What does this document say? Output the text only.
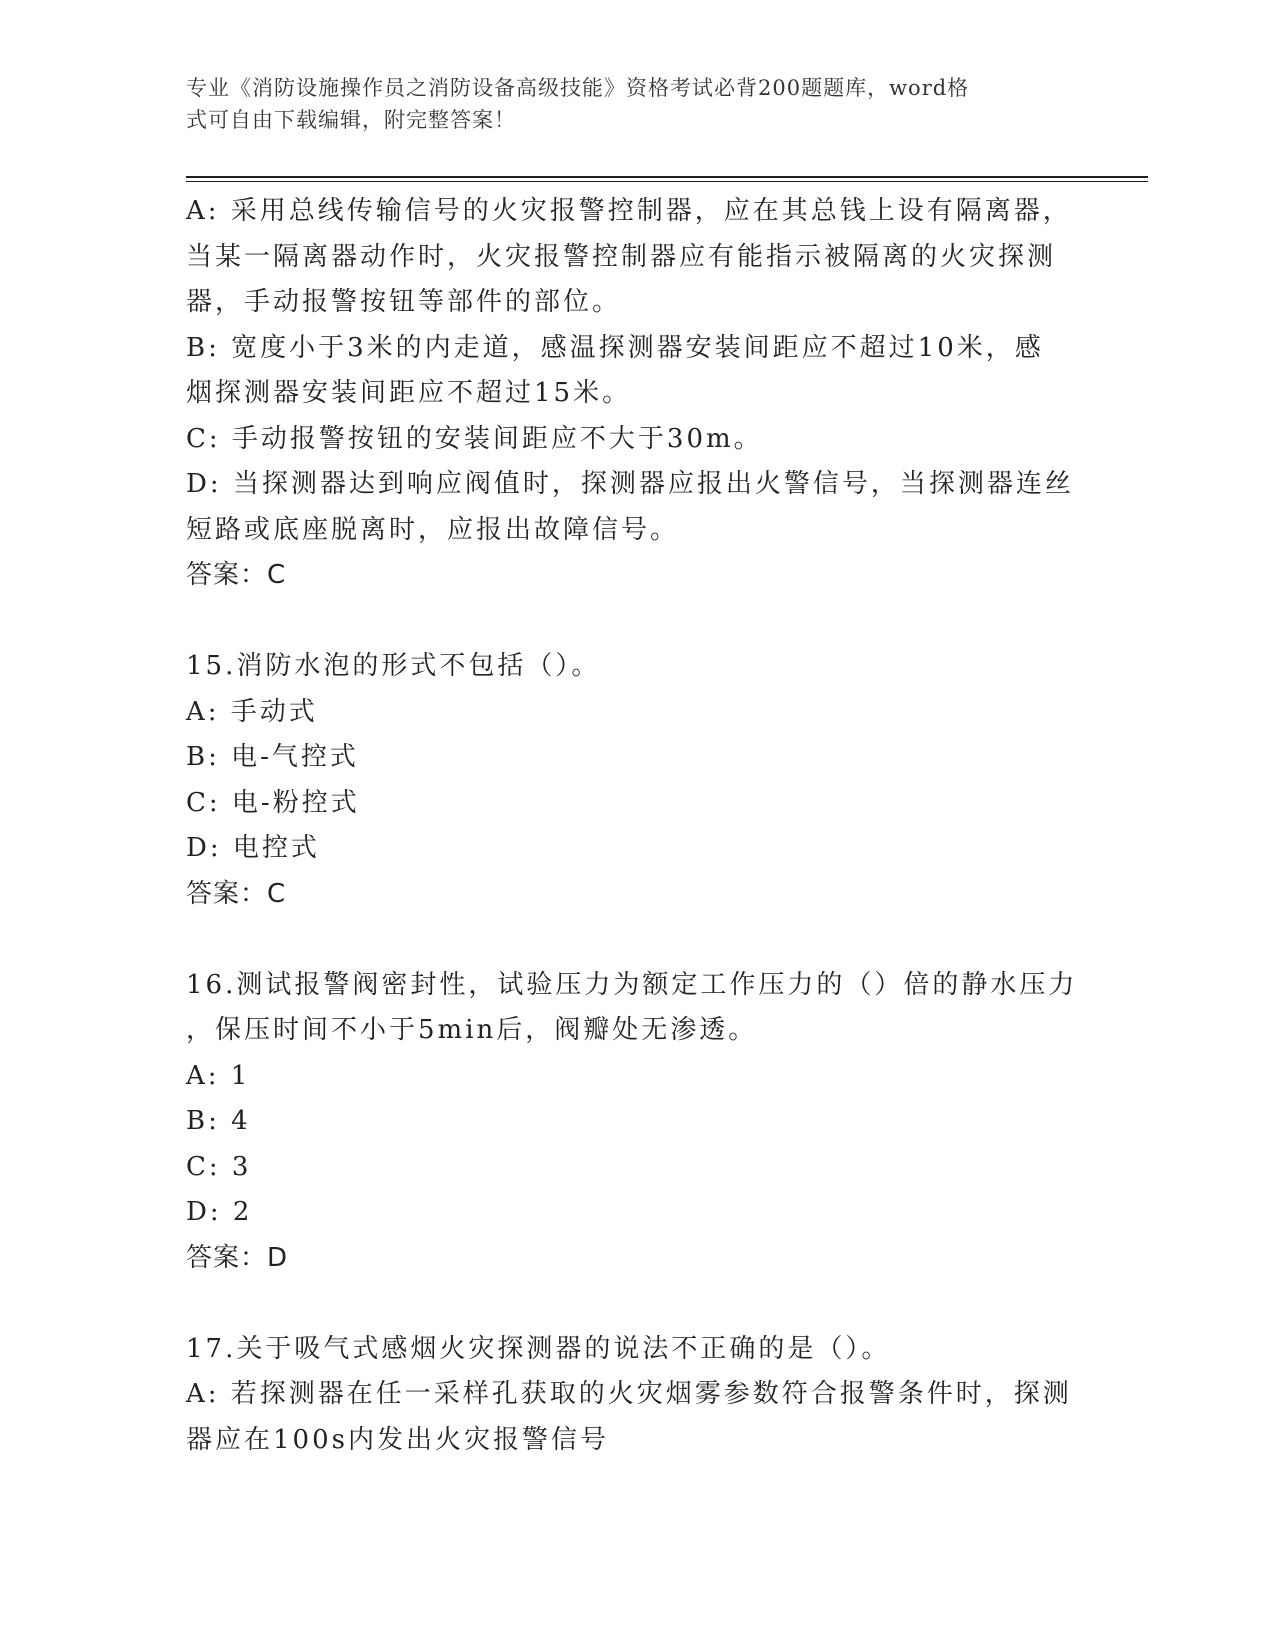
专业《消防设施操作员之消防设备高级技能》资格考试必背200题题库，word格
式可自由下载编辑，附完整答案！
A: 采用总线传输信号的火灾报警控制器，应在其总钱上设有隔离器，
当某一隔离器动作时，火灾报警控制器应有能指示被隔离的火灾探测
器，手动报警按钮等部件的部位。
B: 宽度小于3米的内走道，感温探测器安装间距应不超过10米，感
烟探测器安装间距应不超过15米。
C: 手动报警按钮的安装间距应不大于30m。
D: 当探测器达到响应阀值时，探测器应报出火警信号，当探测器连丝
短路或底座脱离时，应报出故障信号。
答案：C
15.消防水泡的形式不包括（）。
A: 手动式
B: 电-气控式
C: 电-粉控式
D: 电控式
答案：C
16.测试报警阀密封性，试验压力为额定工作压力的（）倍的静水压力
，保压时间不小于5min后，阀瓣处无渗透。
A: 1
B: 4
C: 3
D: 2
答案：D
17.关于吸气式感烟火灾探测器的说法不正确的是（）。
A: 若探测器在任一采样孔获取的火灾烟雾参数符合报警条件时，探测
器应在100s内发出火灾报警信号
